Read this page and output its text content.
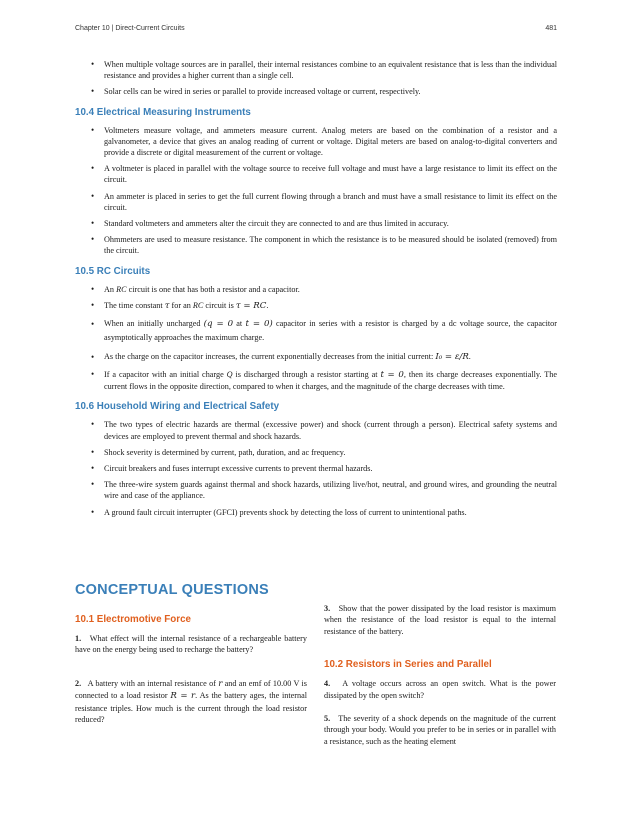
Chapter 10 | Direct-Current Circuits	481
• When multiple voltage sources are in parallel, their internal resistances combine to an equivalent resistance that is less than the individual resistance and provides a higher current than a single cell.
• Solar cells can be wired in series or parallel to provide increased voltage or current, respectively.
10.4 Electrical Measuring Instruments
• Voltmeters measure voltage, and ammeters measure current. Analog meters are based on the combination of a resistor and a galvanometer, a device that gives an analog reading of current or voltage. Digital meters are based on analog-to-digital converters and provide a discrete or digital measurement of the current or voltage.
• A voltmeter is placed in parallel with the voltage source to receive full voltage and must have a large resistance to limit its effect on the circuit.
• An ammeter is placed in series to get the full current flowing through a branch and must have a small resistance to limit its effect on the circuit.
• Standard voltmeters and ammeters alter the circuit they are connected to and are thus limited in accuracy.
• Ohmmeters are used to measure resistance. The component in which the resistance is to be measured should be isolated (removed) from the circuit.
10.5 RC Circuits
• An RC circuit is one that has both a resistor and a capacitor.
• The time constant τ for an RC circuit is τ = RC.
• When an initially uncharged (q = 0 at t = 0) capacitor in series with a resistor is charged by a dc voltage source, the capacitor asymptotically approaches the maximum charge.
• As the charge on the capacitor increases, the current exponentially decreases from the initial current: I₀ = ε/R.
• If a capacitor with an initial charge Q is discharged through a resistor starting at t = 0, then its charge decreases exponentially. The current flows in the opposite direction, compared to when it charges, and the magnitude of the charge decreases with time.
10.6 Household Wiring and Electrical Safety
• The two types of electric hazards are thermal (excessive power) and shock (current through a person). Electrical safety systems and devices are employed to prevent thermal and shock hazards.
• Shock severity is determined by current, path, duration, and ac frequency.
• Circuit breakers and fuses interrupt excessive currents to prevent thermal hazards.
• The three-wire system guards against thermal and shock hazards, utilizing live/hot, neutral, and ground wires, and grounding the neutral wire and case of the appliance.
• A ground fault circuit interrupter (GFCI) prevents shock by detecting the loss of current to unintentional paths.
CONCEPTUAL QUESTIONS
10.1 Electromotive Force

1. What effect will the internal resistance of a rechargeable battery have on the energy being used to recharge the battery?

2. A battery with an internal resistance of r and an emf of 10.00 V is connected to a load resistor R = r. As the battery ages, the internal resistance triples. How much is the current through the load resistor reduced?

3. Show that the power dissipated by the load resistor is maximum when the resistance of the load resistor is equal to the internal resistance of the battery.

10.2 Resistors in Series and Parallel

4. A voltage occurs across an open switch. What is the power dissipated by the open switch?

5. The severity of a shock depends on the magnitude of the current through your body. Would you prefer to be in series or in parallel with a resistance, such as the heating element
